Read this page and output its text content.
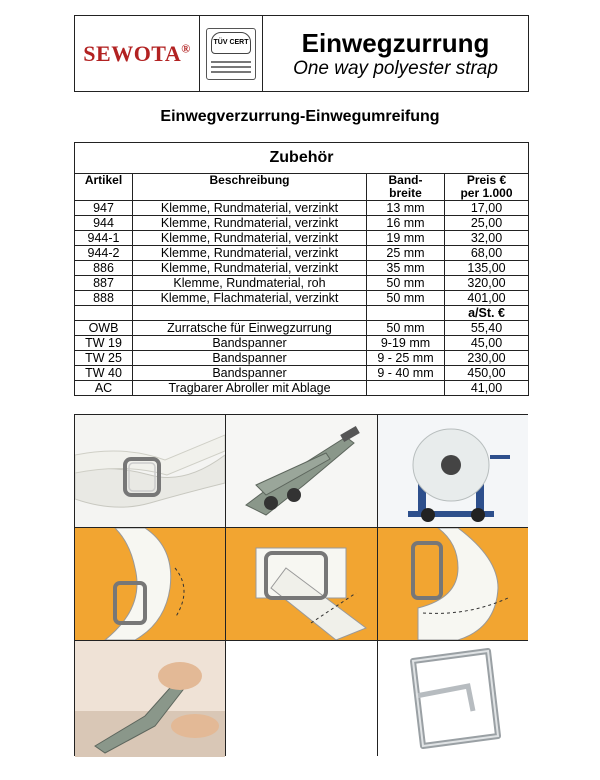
SEWOTA®	TÜV CERT Einwegzurrung
One way polyester strap
Einwegverzurrung-Einwegumreifung
Zubehör			
Artikel	Beschreibung	Band-
breite	Preis €
per 1.000
947	Klemme, Rundmaterial, verzinkt	13 mm	17,00
944	Klemme, Rundmaterial, verzinkt	16 mm	25,00
944-1	Klemme, Rundmaterial, verzinkt	19 mm	32,00
944-2	Klemme, Rundmaterial, verzinkt	25 mm	68,00
886	Klemme, Rundmaterial, verzinkt	35 mm	135,00
887	Klemme, Rundmaterial, roh	50 mm	320,00
888	Klemme, Flachmaterial, verzinkt	50 mm	401,00
			a/St. €
OWB	Zurratsche für Einwegzurrung	50 mm	55,40
TW 19	Bandspanner	9-19 mm	45,00
TW 25	Bandspanner	9 - 25 mm	230,00
TW 40	Bandspanner	9 - 40 mm	450,00
AC	Tragbarer Abroller mit Ablage		41,00
